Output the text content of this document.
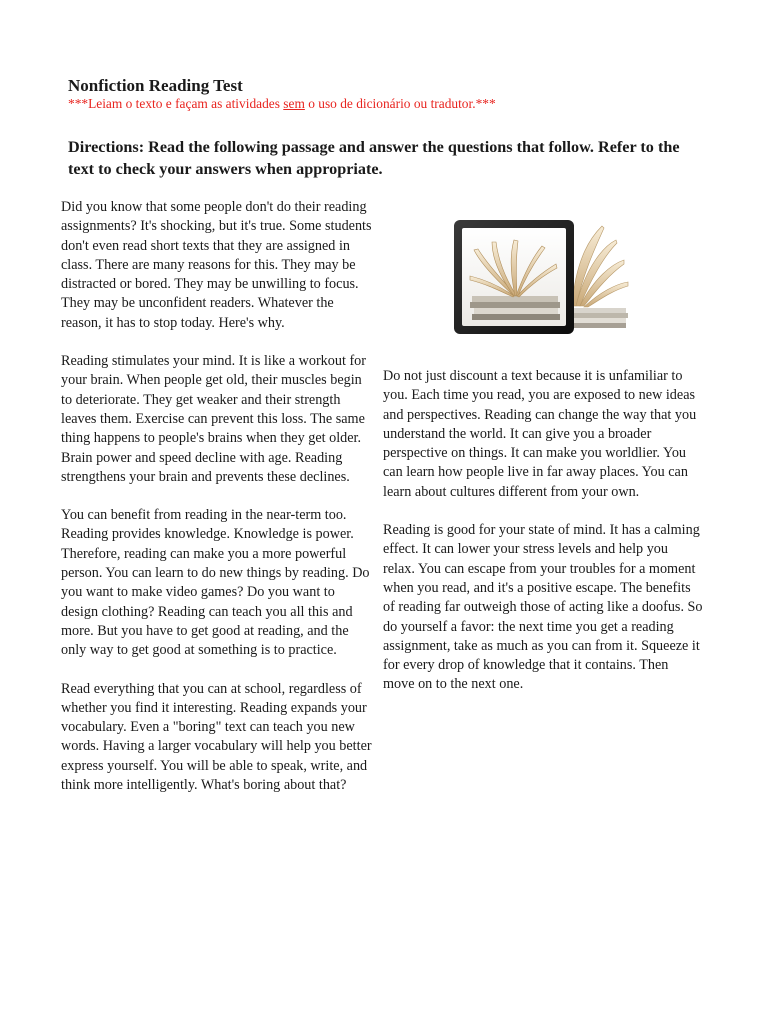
Nonfiction Reading Test
***Leiam o texto e façam as atividades sem o uso de dicionário ou tradutor.***

Directions: Read the following passage and answer the questions that follow. Refer to the text to check your answers when appropriate.

Did you know that some people don't do their reading assignments? It's shocking, but it's true. Some students don't even read short texts that they are assigned in class. There are many reasons for this. They may be distracted or bored. They may be unwilling to focus. They may be unconfident readers. Whatever the reason, it has to stop today. Here's why.

Reading stimulates your mind. It is like a workout for your brain. When people get old, their muscles begin to deteriorate. They get weaker and their strength leaves them. Exercise can prevent this loss. The same thing happens to people's brains when they get older. Brain power and speed decline with age. Reading strengthens your brain and prevents these declines.

You can benefit from reading in the near-term too. Reading provides knowledge. Knowledge is power. Therefore, reading can make you a more powerful person. You can learn to do new things by reading. Do you want to make video games? Do you want to design clothing? Reading can teach you all this and more. But you have to get good at reading, and the only way to get good at something is to practice.

Read everything that you can at school, regardless of whether you find it interesting. Reading expands your vocabulary. Even a "boring" text can teach you new words. Having a larger vocabulary will help you better express yourself. You will be able to speak, write, and think more intelligently. What's boring about that?

Do not just discount a text because it is unfamiliar to you. Each time you read, you are exposed to new ideas and perspectives. Reading can change the way that you understand the world. It can give you a broader perspective on things. It can make you worldlier. You can learn how people live in far away places. You can learn about cultures different from your own.

Reading is good for your state of mind. It has a calming effect. It can lower your stress levels and help you relax. You can escape from your troubles for a moment when you read, and it's a positive escape. The benefits of reading far outweigh those of acting like a doofus. So do yourself a favor: the next time you get a reading assignment, take as much as you can from it. Squeeze it for every drop of knowledge that it contains. Then move on to the next one.
